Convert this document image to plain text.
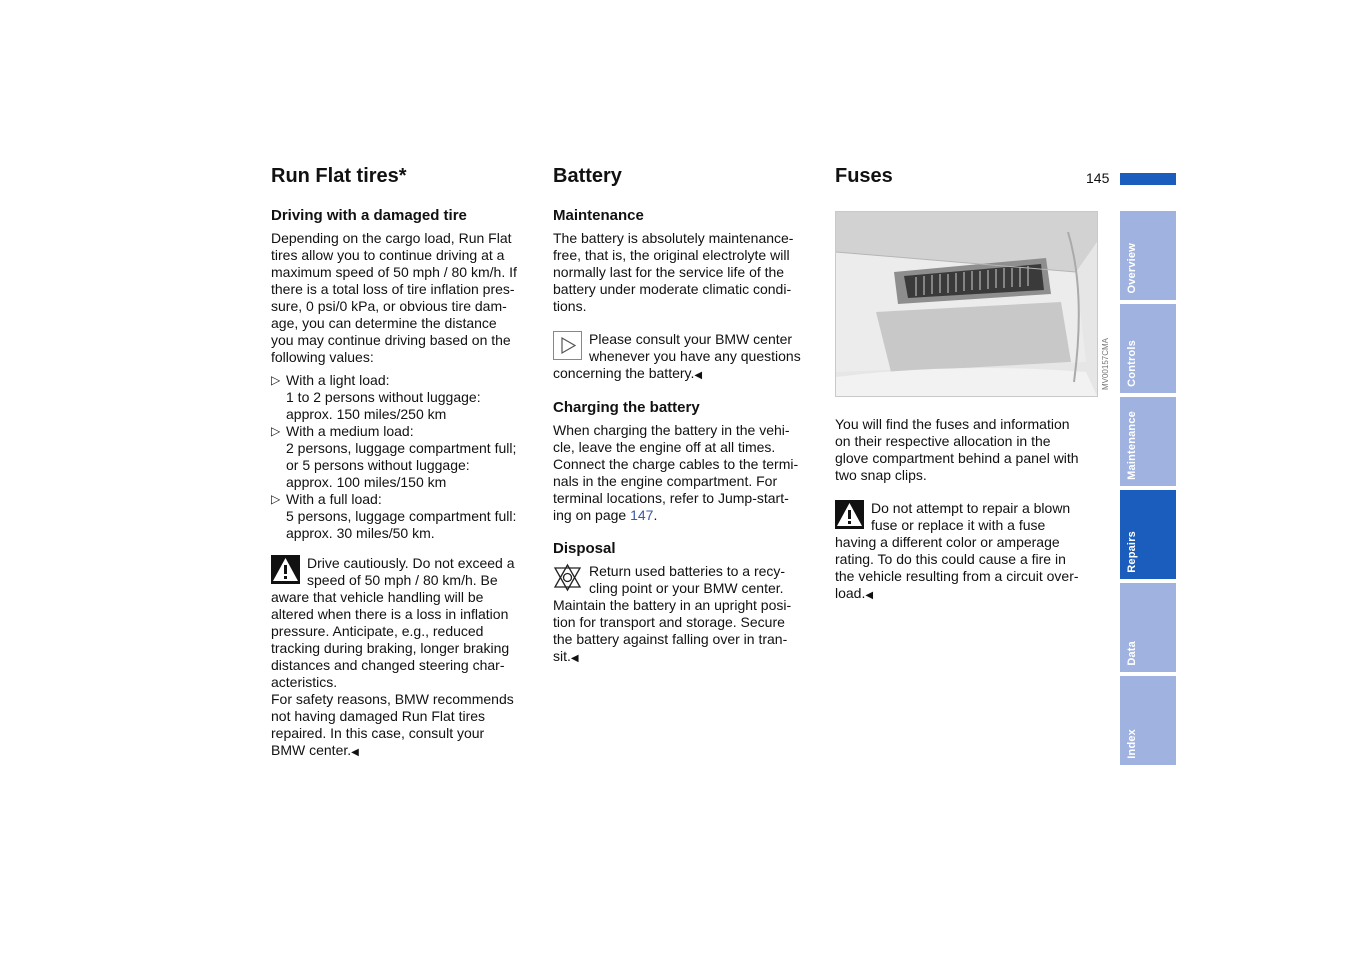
145
Run Flat tires*
Driving with a damaged tire

Depending on the cargo load, Run Flat
tires allow you to continue driving at a
maximum speed of 50 mph / 80 km/h. If
there is a total loss of tire inflation pres-
sure, 0 psi/0 kPa, or obvious tire dam-
age, you can determine the distance
you may continue driving based on the
following values:

▷ With a light load:
1 to 2 persons without luggage:
approx. 150 miles/250 km
▷ With a medium load:
2 persons, luggage compartment full;
or 5 persons without luggage:
approx. 100 miles/150 km
▷ With a full load:
5 persons, luggage compartment full:
approx. 30 miles/50 km.
Drive cautiously. Do not exceed a
speed of 50 mph / 80 km/h. Be
aware that vehicle handling will be
altered when there is a loss in inflation
pressure. Anticipate, e.g., reduced
tracking during braking, longer braking
distances and changed steering char-
acteristics.
For safety reasons, BMW recommends
not having damaged Run Flat tires
repaired. In this case, consult your
BMW center.◀
Battery
Maintenance

The battery is absolutely maintenance-
free, that is, the original electrolyte will
normally last for the service life of the
battery under moderate climatic condi-
tions.

Please consult your BMW center
whenever you have any questions
concerning the battery.◀
Charging the battery

When charging the battery in the vehi-
cle, leave the engine off at all times.
Connect the charge cables to the termi-
nals in the engine compartment. For
terminal locations, refer to Jump-start-
ing on page 147.

Disposal
Return used batteries to a recy-
cling point or your BMW center.
Maintain the battery in an upright posi-
tion for transport and storage. Secure
the battery against falling over in tran-
sit.◀
Fuses
MV00157CMA

You will find the fuses and information
on their respective allocation in the
glove compartment behind a panel with
two snap clips.

Do not attempt to repair a blown
fuse or replace it with a fuse
having a different color or amperage
rating. To do this could cause a fire in
the vehicle resulting from a circuit over-
load.◀
Overview
Controls
Maintenance
Repairs
Data
Index
